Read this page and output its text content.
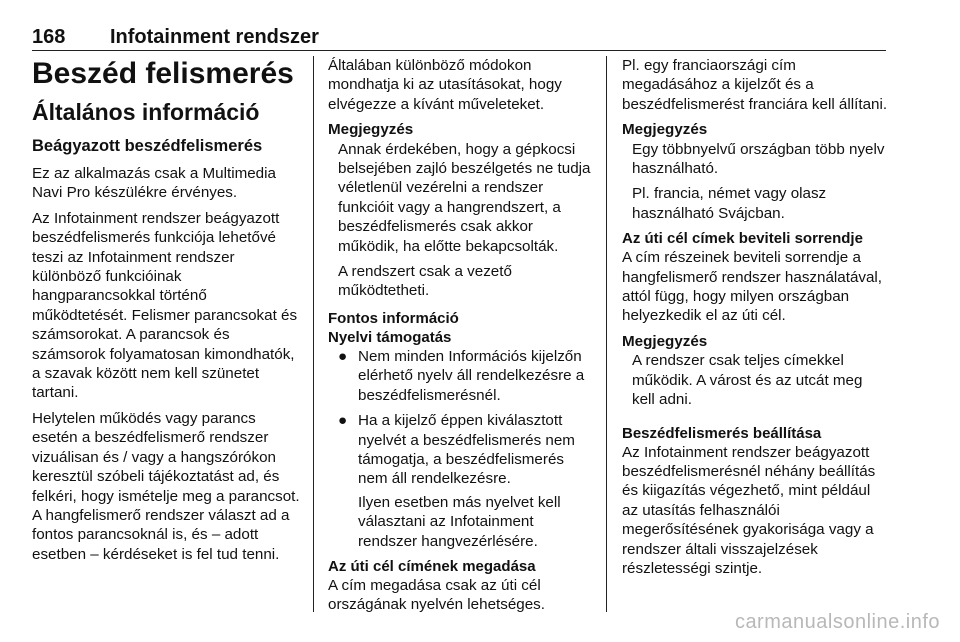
168	Infotainment rendszer
Beszéd felismerés
Általános információ
Beágyazott beszédfelismerés

Ez az alkalmazás csak a Multimedia Navi Pro készülékre érvényes.

Az Infotainment rendszer beágyazott beszédfelismerés funkciója lehetővé teszi az Infotainment rendszer különböző funkcióinak hangparancsokkal történő működtetését. Felismer parancsokat és számsorokat. A parancsok és számsorok folyamatosan kimondhatók, a szavak között nem kell szünetet tartani.

Helytelen működés vagy parancs esetén a beszédfelismerő rendszer vizuálisan és / vagy a hangszórókon keresztül szóbeli tájékoztatást ad, és felkéri, hogy ismételje meg a parancsot. A hangfelismerő rendszer választ ad a fontos parancsoknál is, és – adott esetben – kérdéseket is fel tud tenni.

Általában különböző módokon mondhatja ki az utasításokat, hogy elvégezze a kívánt műveleteket.

Megjegyzés

Annak érdekében, hogy a gépkocsi belsejében zajló beszélgetés ne tudja véletlenül vezérelni a rendszer funkcióit vagy a hangrendszert, a beszédfelismerés csak akkor működik, ha előtte bekapcsolták.

A rendszert csak a vezető működtetheti.

Fontos információ
Nyelvi támogatás
● Nem minden Információs kijelzőn elérhető nyelv áll rendelkezésre a beszédfelismerésnél.
● Ha a kijelző éppen kiválasztott nyelvét a beszédfelismerés nem támogatja, a beszédfelismerés nem áll rendelkezésre.

Ilyen esetben más nyelvet kell választani az Infotainment rendszer hangvezérlésére.

Az úti cél címének megadása

A cím megadása csak az úti cél országának nyelvén lehetséges.

Pl. egy franciaországi cím megadásához a kijelzőt és a beszédfelismerést franciára kell állítani.

Megjegyzés

Egy többnyelvű országban több nyelv használható.

Pl. francia, német vagy olasz használható Svájcban.

Az úti cél címek beviteli sorrendje

A cím részeinek beviteli sorrendje a hangfelismerő rendszer használatával, attól függ, hogy milyen országban helyezkedik el az úti cél.

Megjegyzés

A rendszer csak teljes címekkel működik. A várost és az utcát meg kell adni.

Beszédfelismerés beállítása

Az Infotainment rendszer beágyazott beszédfelismerésnél néhány beállítás és kiigazítás végezhető, mint például az utasítás felhasználói megerősítésének gyakorisága vagy a rendszer általi visszajelzések részletességi szintje.

carmanualsonline.info
